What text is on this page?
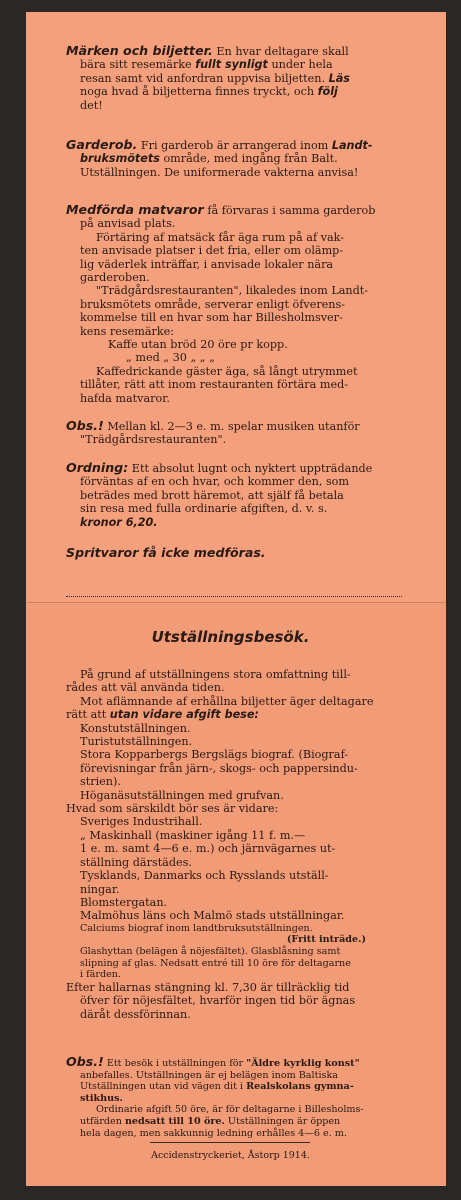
Märken och biljetter. En hvar deltagare skall

bära sitt resemärke fullt synligt under hela

resan samt vid anfordran uppvisa biljetten. Läs

noga hvad å biljetterna finnes tryckt, och följ

det!

Garderob. Fri garderob är arrangerad inom Landt-

bruksmötets område, med ingång från Balt.

Utställningen. De uniformerade vakterna anvisa!

Medförda matvaror få förvaras i samma garderob

på anvisad plats.

Förtäring af matsäck får äga rum på af vak-

ten anvisade platser i det fria, eller om olämp-

lig väderlek inträffar, i anvisade lokaler nära

garderoben.

"Trädgårdsrestauranten", likaledes inom Landt-

bruksmötets område, serverar enligt öfverens-

kommelse till en hvar som har Billesholmsver-

kens resemärke:

Kaffe utan bröd 20 öre pr kopp.

„ med „ 30 „ „ „

Kaffedrickande gäster äga, så långt utrymmet

tillåter, rätt att inom restauranten förtära med-

hafda matvaror.

Obs.! Mellan kl. 2—3 e. m. spelar musiken utanför

"Trädgårdsrestauranten".

Ordning: Ett absolut lugnt och nyktert uppträdande

förväntas af en och hvar, och kommer den, som

beträdes med brott häremot, att själf få betala

sin resa med fulla ordinarie afgiften, d. v. s.

kronor 6,20.

Spritvaror få icke medföras.

Utställningsbesök.

På grund af utställningens stora omfattning till-

rådes att väl använda tiden.

Mot aflämnande af erhållna biljetter äger deltagare

rätt att utan vidare afgift bese:

Konstutställningen.

Turistutställningen.

Stora Kopparbergs Bergslägs biograf. (Biograf-

förevisningar från järn-, skogs- och pappersindu-

strien).

Höganäsutställningen med grufvan.

Hvad som särskildt bör ses är vidare:

Sveriges Industrihall.

„ Maskinhall (maskiner igång 11 f. m.—

1 e. m. samt 4—6 e. m.) och järnvägarnes ut-

ställning därstädes.

Tysklands, Danmarks och Rysslands utställ-

ningar.

Blomstergatan.

Malmöhus läns och Malmö stads utställningar.

Calciums biograf inom landtbruksutställningen.

(Fritt inträde.)

Glashyttan (belägen å nöjesfältet). Glasblåsning samt

slipning af glas. Nedsatt entré till 10 öre för deltagarne

i färden.

Efter hallarnas stängning kl. 7,30 är tillräcklig tid

öfver för nöjesfältet, hvarför ingen tid bör ägnas

däråt dessförinnan.

Obs.! Ett besök i utställningen för "Äldre kyrklig konst"

anbefalles. Utställningen är ej belägen inom Baltiska

Utställningen utan vid vägen dit i Realskolans gymna-

stikhus.

Ordinarie afgift 50 öre, är för deltagarne i Billesholms-

utfärden nedsatt till 10 öre. Utställningen är öppen

hela dagen, men sakkunnig ledning erhålles 4—6 e. m.

Accidenstryckeriet, Åstorp 1914.
